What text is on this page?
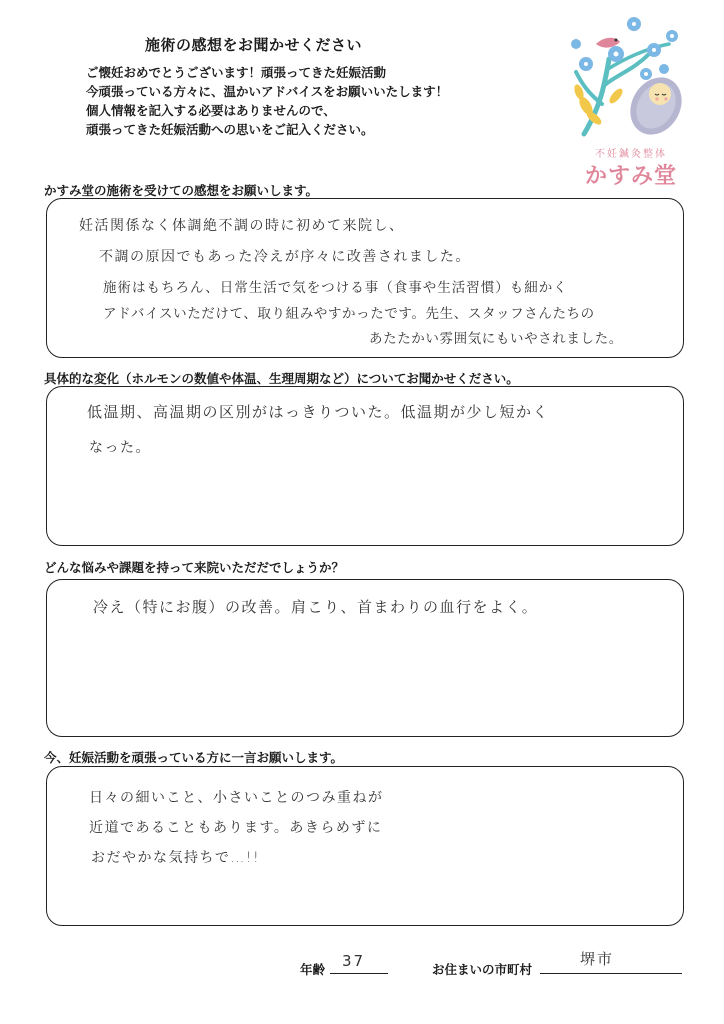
施術の感想をお聞かせください
ご懐妊おめでとうございます！頑張ってきた妊娠活動
今頑張っている方々に、温かいアドバイスをお願いいたします！
個人情報を記入する必要はありませんので、
頑張ってきた妊娠活動への思いをご記入ください。
不妊鍼灸整体
かすみ堂
かすみ堂の施術を受けての感想をお願いします。
妊活関係なく体調絶不調の時に初めて来院し、
不調の原因でもあった冷えが序々に改善されました。
施術はもちろん、日常生活で気をつける事（食事や生活習慣）も細かく
アドバイスいただけて、取り組みやすかったです。先生、スタッフさんたちの
あたたかい雰囲気にもいやされました。
具体的な変化（ホルモンの数値や体温、生理周期など）についてお聞かせください。
低温期、高温期の区別がはっきりついた。低温期が少し短かく
なった。
どんな悩みや課題を持って来院いただだでしょうか？
冷え（特にお腹）の改善。肩こり、首まわりの血行をよく。
今、妊娠活動を頑張っている方に一言お願いします。
日々の細いこと、小さいことのつみ重ねが
近道であることもあります。あきらめずに
おだやかな気持ちで…!!
年齢 37	お住まいの市町村
堺市
